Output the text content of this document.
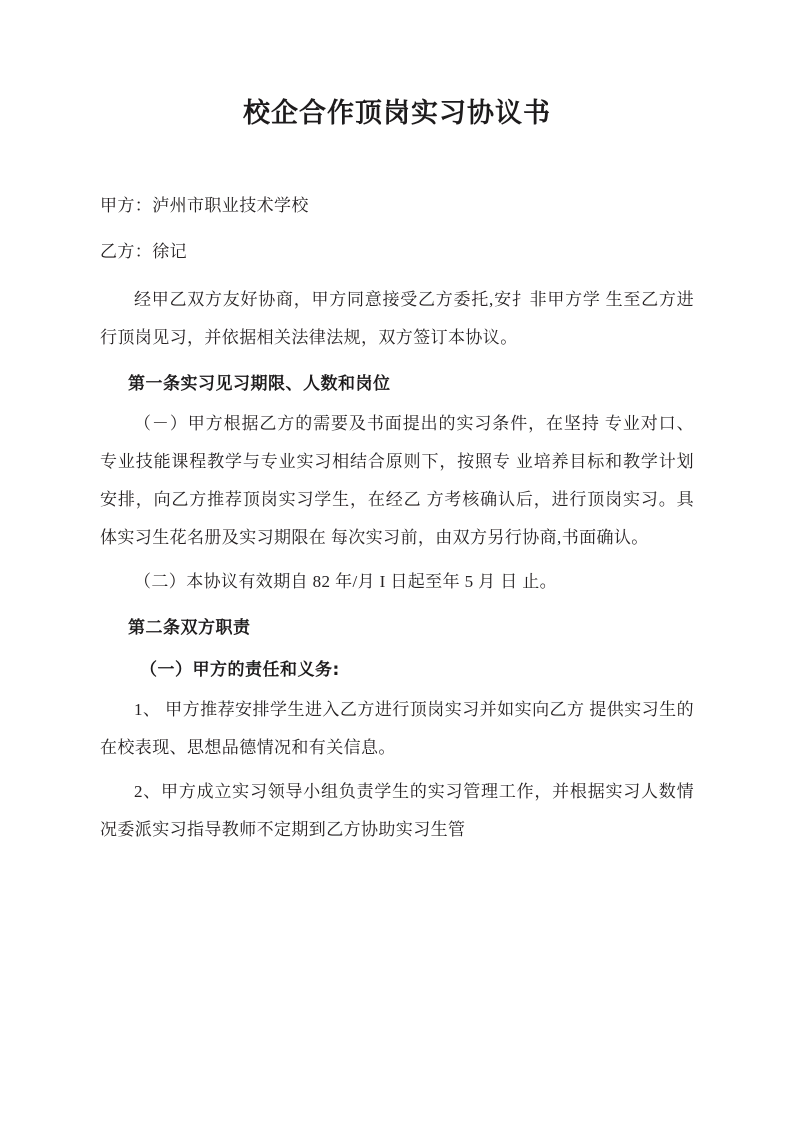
校企合作顶岗实习协议书

甲方：泸州市职业技术学校

乙方：徐记

经甲乙双方友好协商，甲方同意接受乙方委托,安扌非甲方学 生至乙方进行顶岗见习，并依据相关法律法规，双方签订本协议。

第一条实习见习期限、人数和岗位

（－）甲方根据乙方的需要及书面提出的实习条件，在坚持 专业对口、专业技能课程教学与专业实习相结合原则下，按照专 业培养目标和教学计划安排，向乙方推荐顶岗实习学生，在经乙 方考核确认后，进行顶岗实习。具体实习生花名册及实习期限在 每次实习前，由双方另行协商,书面确认。

（二）本协议有效期自 82 年/月 I 日起至年 5 月 日 止。

第二条双方职责
（一）甲方的责任和义务:

1、 甲方推荐安排学生进入乙方进行顶岗实习并如实向乙方 提供实习生的在校表现、思想品德情况和有关信息。

2、甲方成立实习领导小组负责学生的实习管理工作，并根据实习人数情况委派实习指导教师不定期到乙方协助实习生管
